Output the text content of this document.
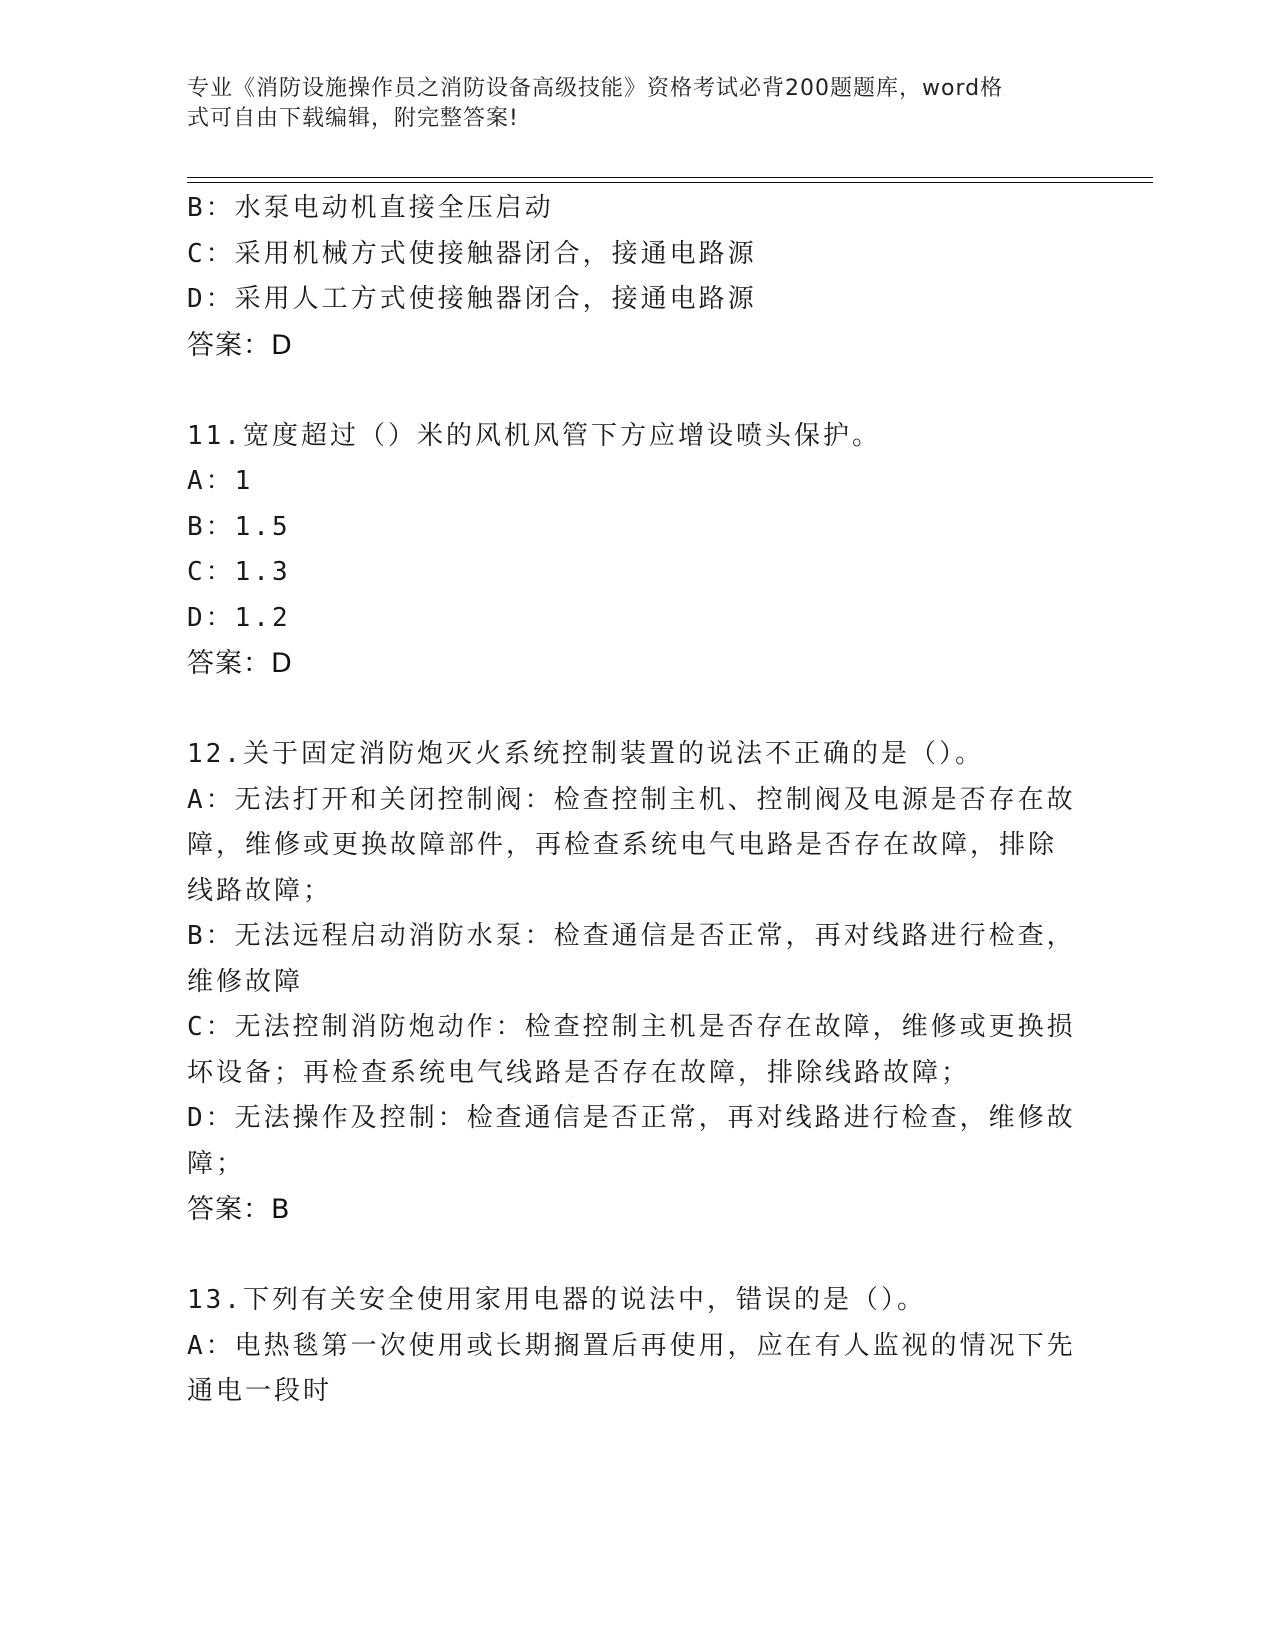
专业《消防设施操作员之消防设备高级技能》资格考试必背200题题库，word格
式可自由下载编辑，附完整答案!
B：水泵电动机直接全压启动
C：采用机械方式使接触器闭合，接通电路源
D：采用人工方式使接触器闭合，接通电路源
答案：D
11.宽度超过（）米的风机风管下方应增设喷头保护。
A：1
B：1.5
C：1.3
D：1.2
答案：D
12.关于固定消防炮灭火系统控制装置的说法不正确的是（）。
A：无法打开和关闭控制阀：检查控制主机、控制阀及电源是否存在故
障，维修或更换故障部件，再检查系统电气电路是否存在故障，排除
线路故障；
B：无法远程启动消防水泵：检查通信是否正常，再对线路进行检查，
维修故障
C：无法控制消防炮动作：检查控制主机是否存在故障，维修或更换损
坏设备；再检查系统电气线路是否存在故障，排除线路故障；
D：无法操作及控制：检查通信是否正常，再对线路进行检查，维修故
障；
答案：B
13.下列有关安全使用家用电器的说法中，错误的是（）。
A：电热毯第一次使用或长期搁置后再使用，应在有人监视的情况下先
通电一段时
